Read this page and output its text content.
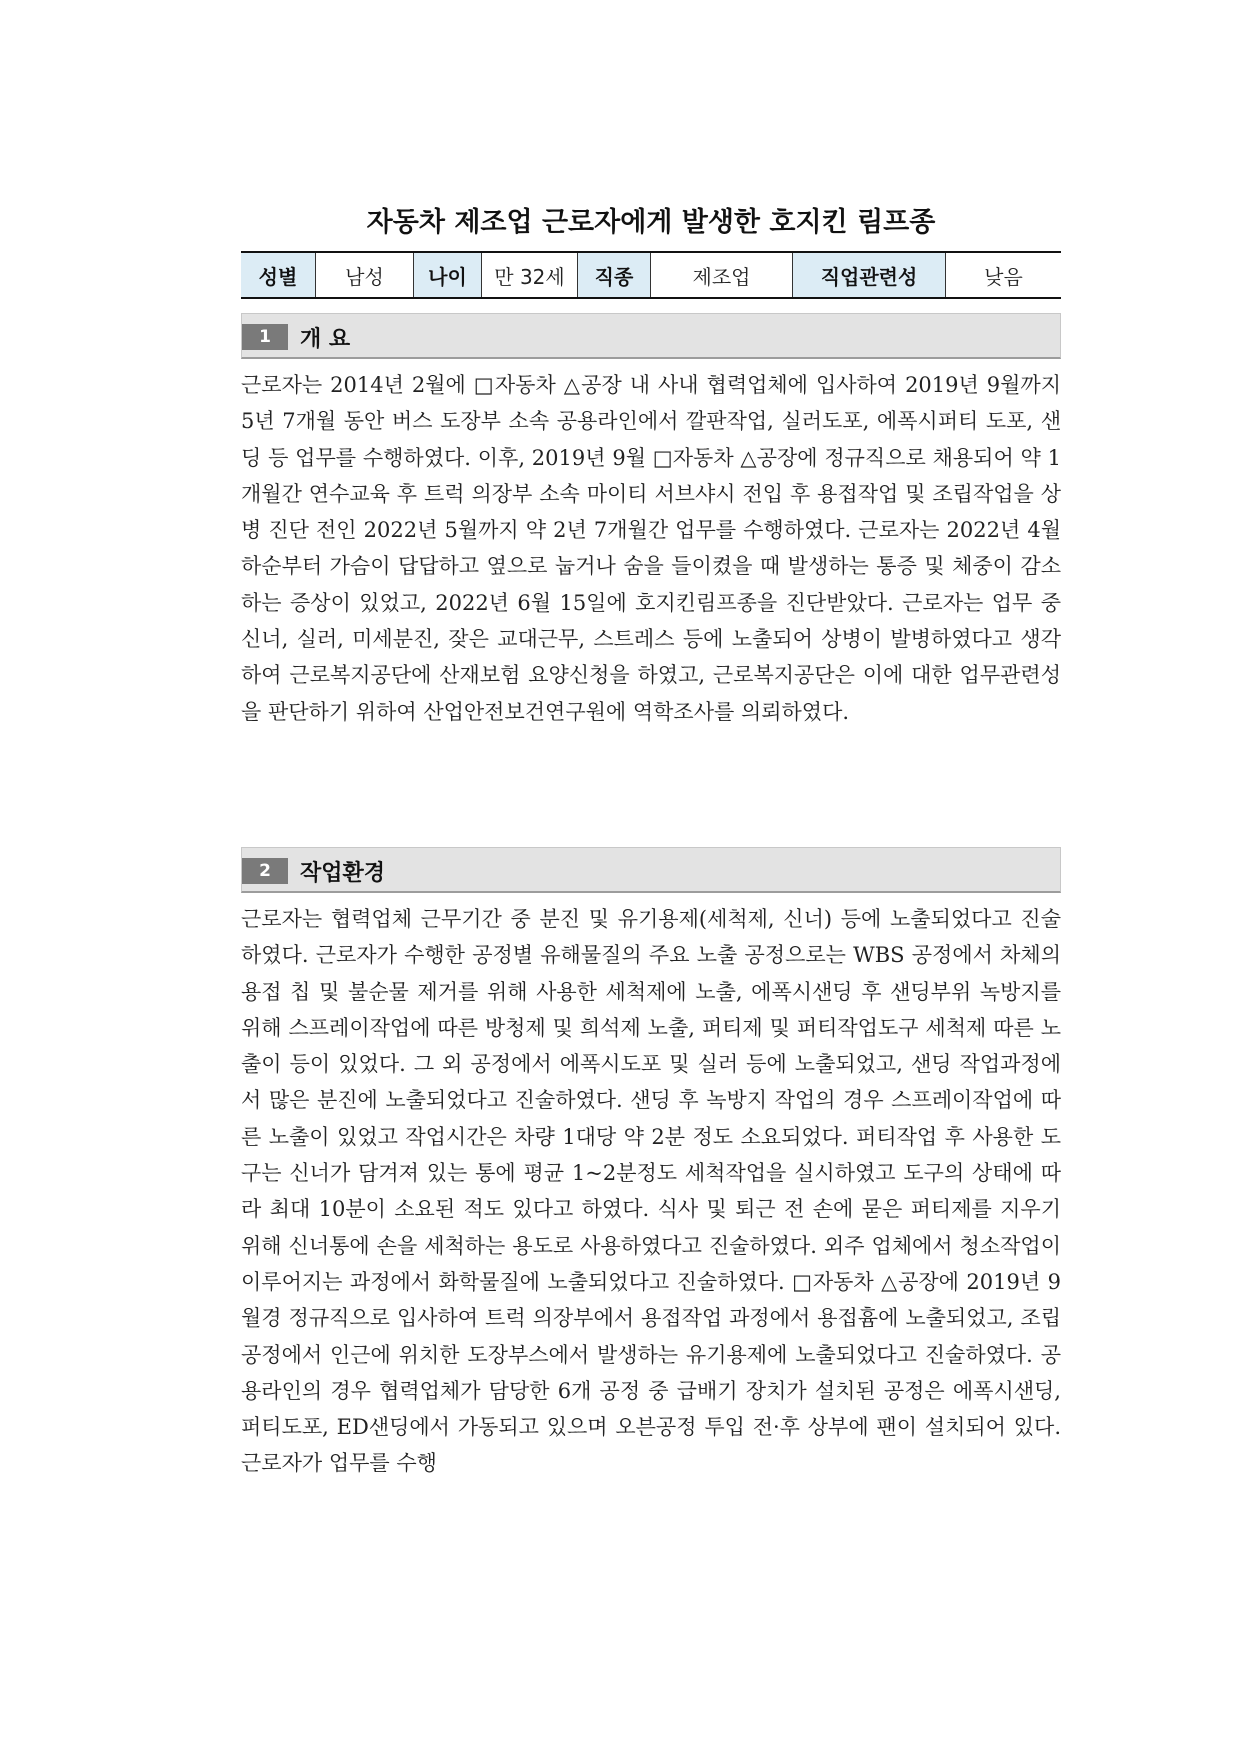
자동차 제조업 근로자에게 발생한 호지킨 림프종
성별	남성	나이	만 32세	직종	제조업	직업관련성	낮음
1	개 요

근로자는 2014년 2월에 □자동차 △공장 내 사내 협력업체에 입사하여 2019년 9월까지 5년 7개월 동안 버스 도장부 소속 공용라인에서 깔판작업, 실러도포, 에폭시퍼티 도포, 샌딩 등 업무를 수행하였다. 이후, 2019년 9월 □자동차 △공장에 정규직으로 채용되어 약 1개월간 연수교육 후 트럭 의장부 소속 마이티 서브샤시 전입 후 용접작업 및 조립작업을 상병 진단 전인 2022년 5월까지 약 2년 7개월간 업무를 수행하였다. 근로자는 2022년 4월 하순부터 가슴이 답답하고 옆으로 눕거나 숨을 들이켰을 때 발생하는 통증 및 체중이 감소하는 증상이 있었고, 2022년 6월 15일에 호지킨림프종을 진단받았다. 근로자는 업무 중 신너, 실러, 미세분진, 잦은 교대근무, 스트레스 등에 노출되어 상병이 발병하였다고 생각하여 근로복지공단에 산재보험 요양신청을 하였고, 근로복지공단은 이에 대한 업무관련성을 판단하기 위하여 산업안전보건연구원에 역학조사를 의뢰하였다.

2	작업환경

근로자는 협력업체 근무기간 중 분진 및 유기용제(세척제, 신너) 등에 노출되었다고 진술하였다. 근로자가 수행한 공정별 유해물질의 주요 노출 공정으로는 WBS 공정에서 차체의 용접 칩 및 불순물 제거를 위해 사용한 세척제에 노출, 에폭시샌딩 후 샌딩부위 녹방지를 위해 스프레이작업에 따른 방청제 및 희석제 노출, 퍼티제 및 퍼티작업도구 세척제 따른 노출이 등이 있었다. 그 외 공정에서 에폭시도포 및 실러 등에 노출되었고, 샌딩 작업과정에서 많은 분진에 노출되었다고 진술하였다. 샌딩 후 녹방지 작업의 경우 스프레이작업에 따른 노출이 있었고 작업시간은 차량 1대당 약 2분 정도 소요되었다. 퍼티작업 후 사용한 도구는 신너가 담겨져 있는 통에 평균 1~2분정도 세척작업을 실시하였고 도구의 상태에 따라 최대 10분이 소요된 적도 있다고 하였다. 식사 및 퇴근 전 손에 묻은 퍼티제를 지우기 위해 신너통에 손을 세척하는 용도로 사용하였다고 진술하였다. 외주 업체에서 청소작업이 이루어지는 과정에서 화학물질에 노출되었다고 진술하였다. □자동차 △공장에 2019년 9월경 정규직으로 입사하여 트럭 의장부에서 용접작업 과정에서 용접흄에 노출되었고, 조립공정에서 인근에 위치한 도장부스에서 발생하는 유기용제에 노출되었다고 진술하였다. 공용라인의 경우 협력업체가 담당한 6개 공정 중 급배기 장치가 설치된 공정은 에폭시샌딩, 퍼티도포, ED샌딩에서 가동되고 있으며 오븐공정 투입 전·후 상부에 팬이 설치되어 있다. 근로자가 업무를 수행
